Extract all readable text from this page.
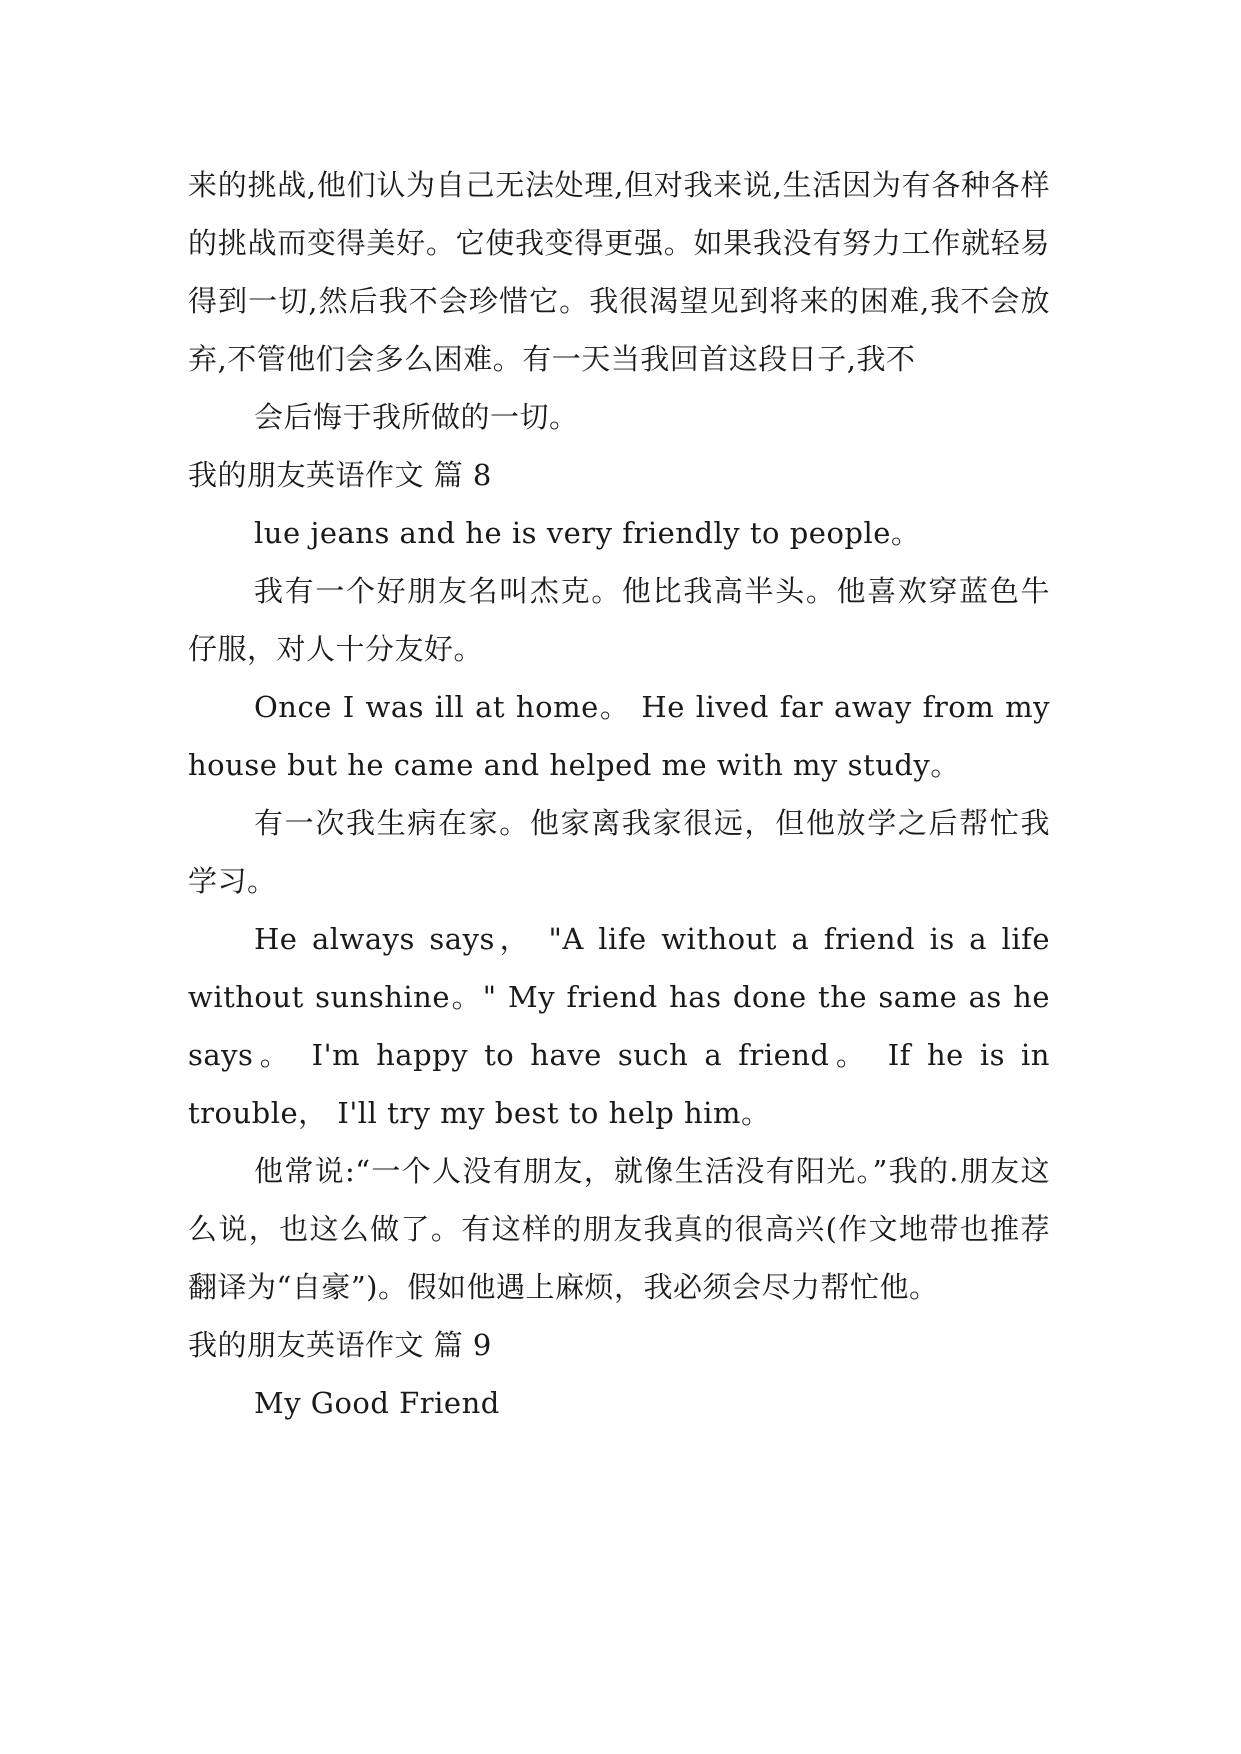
来的挑战,他们认为自己无法处理,但对我来说,生活因为有各种各样的挑战而变得美好。它使我变得更强。如果我没有努力工作就轻易得到一切,然后我不会珍惜它。我很渴望见到将来的困难,我不会放弃,不管他们会多么困难。有一天当我回首这段日子,我不

会后悔于我所做的一切。

我的朋友英语作文 篇 8

lue jeans and he is very friendly to people。

我有一个好朋友名叫杰克。他比我高半头。他喜欢穿蓝色牛仔服，对人十分友好。

Once I was ill at home。 He lived far away from my house but he came and helped me with my study。

有一次我生病在家。他家离我家很远，但他放学之后帮忙我学习。

He always says， "A life without a friend is a life without sunshine。" My friend has done the same as he says。 I'm happy to have such a friend。 If he is in trouble， I'll try my best to help him。

他常说:“一个人没有朋友，就像生活没有阳光。”我的.朋友这么说，也这么做了。有这样的朋友我真的很高兴(作文地带也推荐翻译为“自豪”)。假如他遇上麻烦，我必须会尽力帮忙他。

我的朋友英语作文 篇 9

My Good Friend
